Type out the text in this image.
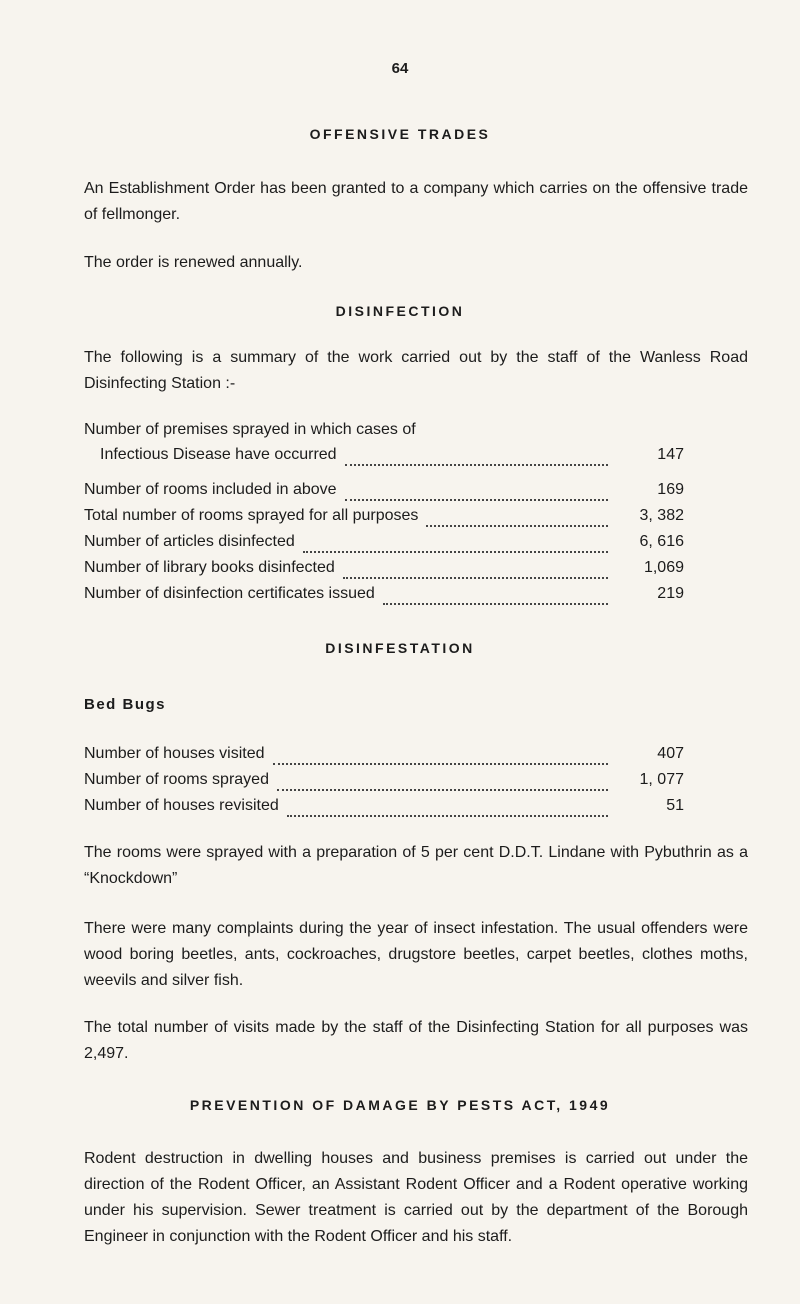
64
OFFENSIVE TRADES
An Establishment Order has been granted to a company which carries on the offensive trade of fellmonger.
The order is renewed annually.
DISINFECTION
The following is a summary of the work carried out by the staff of the Wanless Road Disinfecting Station :-
Number of premises sprayed in which cases of
Infectious Disease have occurred	147
Number of rooms included in above	169
Total number of rooms sprayed for all purposes	3, 382
Number of articles disinfected	6, 616
Number of library books disinfected	1,069
Number of disinfection certificates issued	219
DISINFESTATION
Bed Bugs
Number of houses visited	407
Number of rooms sprayed	1, 077
Number of houses revisited	51
The rooms were sprayed with a preparation of 5 per cent D.D.T. Lindane with Pybuthrin as a “Knockdown”
There were many complaints during the year of insect infestation. The usual offenders were wood boring beetles, ants, cockroaches, drugstore beetles, carpet beetles, clothes moths, weevils and silver fish.
The total number of visits made by the staff of the Disinfecting Station for all purposes was 2,497.
PREVENTION OF DAMAGE BY PESTS ACT, 1949
Rodent destruction in dwelling houses and business premises is carried out under the direction of the Rodent Officer, an Assistant Rodent Officer and a Rodent operative working under his supervision. Sewer treatment is carried out by the department of the Borough Engineer in conjunction with the Rodent Officer and his staff.
